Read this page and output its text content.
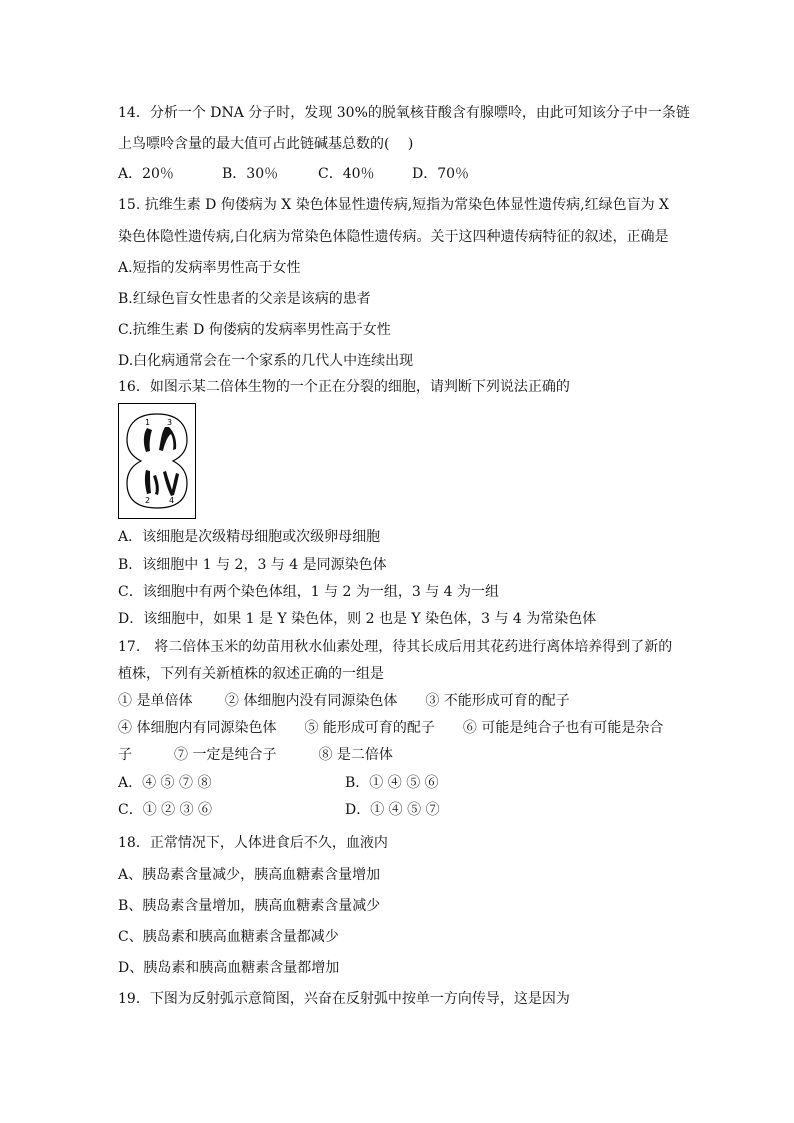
14．分析一个 DNA 分子时，发现 30%的脱氧核苷酸含有腺嘌呤，由此可知该分子中一条链
上鸟嘌呤含量的最大值可占此链碱基总数的(　 )
A．20％	B．30％	C．40％	D．70％
15. 抗维生素 D 佝偻病为 X 染色体显性遗传病,短指为常染色体显性遗传病,红绿色盲为 X
染色体隐性遗传病,白化病为常染色体隐性遗传病。关于这四种遗传病特征的叙述，正确是
A.短指的发病率男性高于女性
B.红绿色盲女性患者的父亲是该病的患者
C.抗维生素 D 佝偻病的发病率男性高于女性
D.白化病通常会在一个家系的几代人中连续出现
16．如图示某二倍体生物的一个正在分裂的细胞，请判断下列说法正确的
1 3
2 4
A．该细胞是次级精母细胞或次级卵母细胞
B．该细胞中 1 与 2，3 与 4 是同源染色体
C．该细胞中有两个染色体组，1 与 2 为一组，3 与 4 为一组
D．该细胞中，如果 1 是 Y 染色体，则 2 也是 Y 染色体，3 与 4 为常染色体
17.　将二倍体玉米的幼苗用秋水仙素处理，待其长成后用其花药进行离体培养得到了新的
植株，下列有关新植株的叙述正确的一组是
① 是单倍体　　 ② 体细胞内没有同源染色体　　③ 不能形成可育的配子
④ 体细胞内有同源染色体　　⑤ 能形成可育的配子　　⑥ 可能是纯合子也有可能是杂合
子　　　⑦ 一定是纯合子　　　⑧ 是二倍体
A．④ ⑤ ⑦ ⑧	B．① ④ ⑤ ⑥
C．① ② ③ ⑥	D．① ④ ⑤ ⑦
18．正常情况下，人体进食后不久，血液内
A、胰岛素含量减少，胰高血糖素含量增加
B、胰岛素含量增加，胰高血糖素含量减少
C、胰岛素和胰高血糖素含量都减少
D、胰岛素和胰高血糖素含量都增加
19．下图为反射弧示意简图，兴奋在反射弧中按单一方向传导，这是因为
